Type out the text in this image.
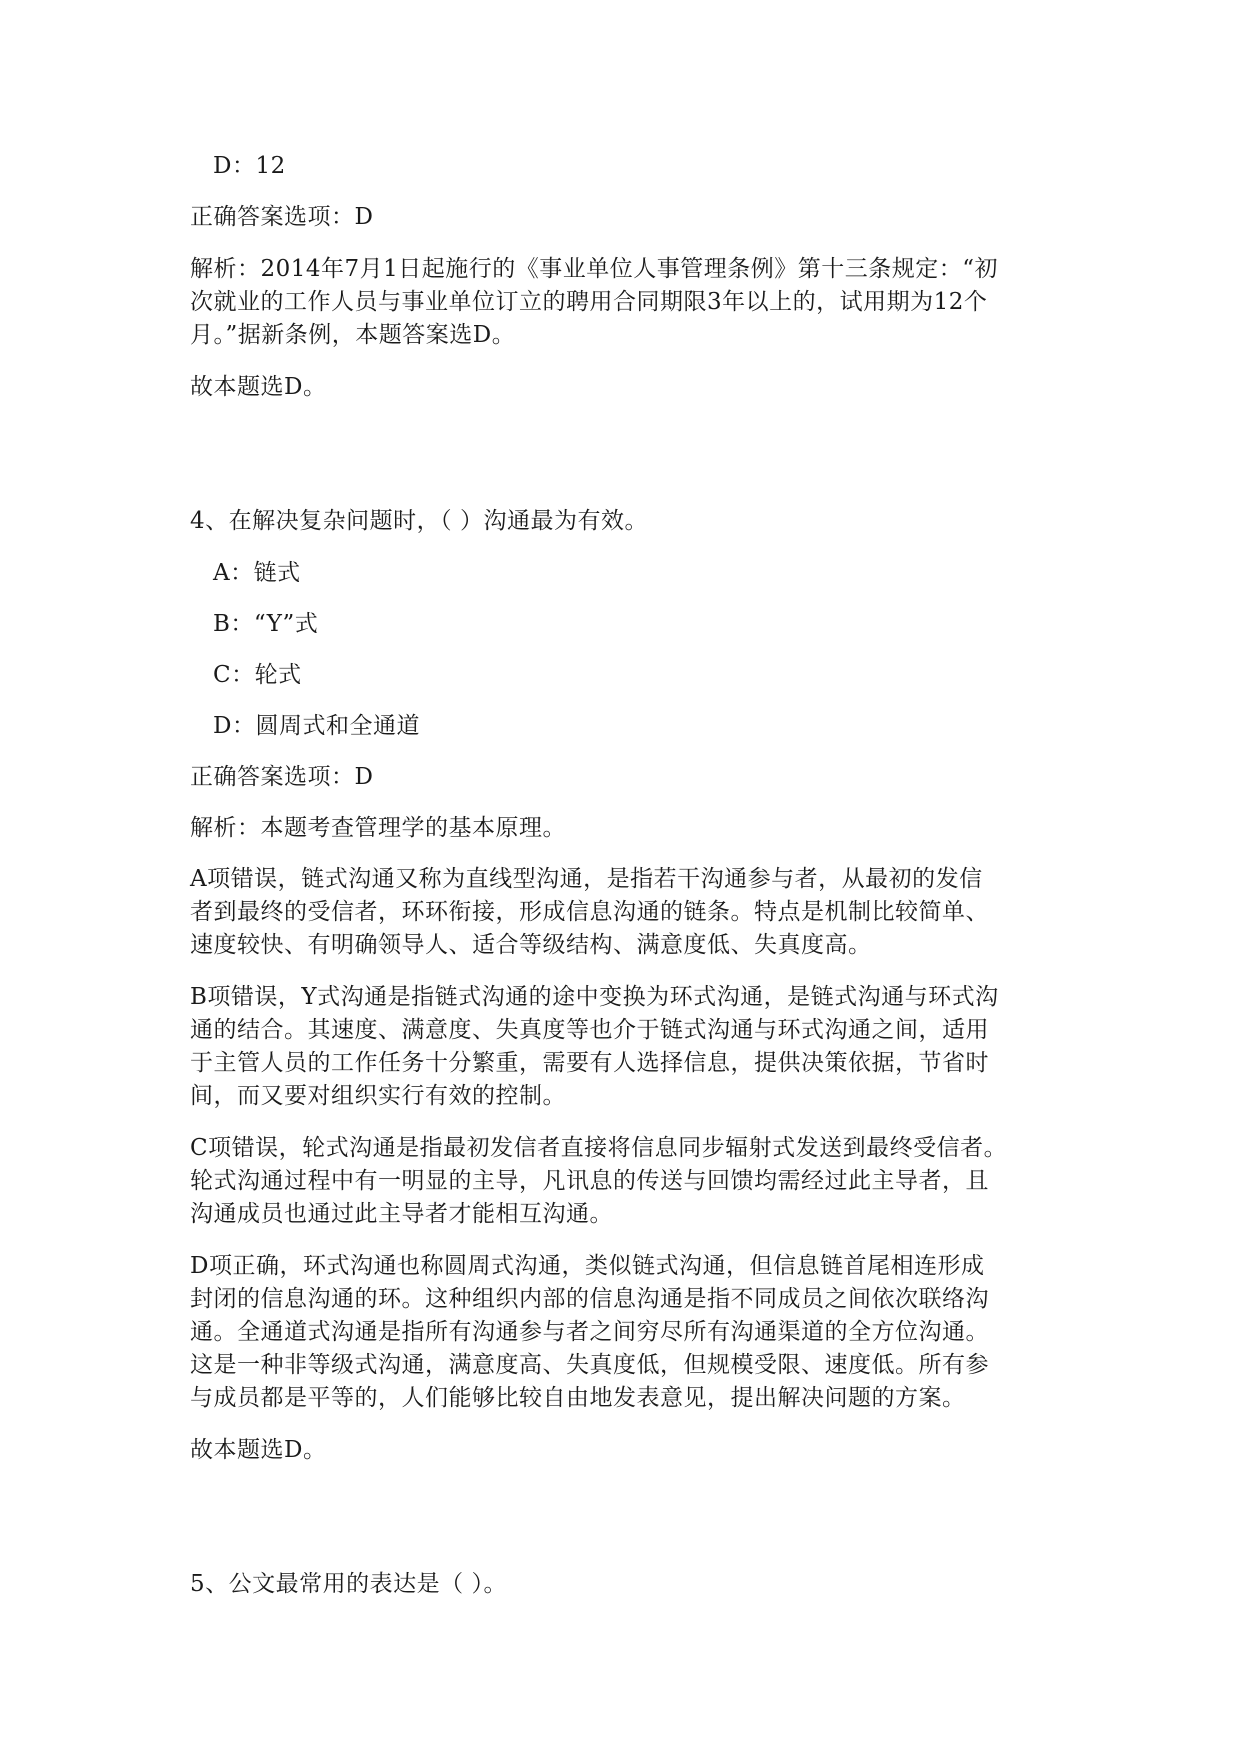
D：12
正确答案选项：D
解析：2014年7月1日起施行的《事业单位人事管理条例》第十三条规定：“初
次就业的工作人员与事业单位订立的聘用合同期限3年以上的，试用期为12个
月。”据新条例，本题答案选D。
故本题选D。
4、在解决复杂问题时，（ ）沟通最为有效。
A：链式
B：“Y”式
C：轮式
D：圆周式和全通道
正确答案选项：D
解析：本题考查管理学的基本原理。
A项错误，链式沟通又称为直线型沟通，是指若干沟通参与者，从最初的发信
者到最终的受信者，环环衔接，形成信息沟通的链条。特点是机制比较简单、
速度较快、有明确领导人、适合等级结构、满意度低、失真度高。
B项错误，Y式沟通是指链式沟通的途中变换为环式沟通，是链式沟通与环式沟
通的结合。其速度、满意度、失真度等也介于链式沟通与环式沟通之间，适用
于主管人员的工作任务十分繁重，需要有人选择信息，提供决策依据，节省时
间，而又要对组织实行有效的控制。
C项错误，轮式沟通是指最初发信者直接将信息同步辐射式发送到最终受信者。
轮式沟通过程中有一明显的主导，凡讯息的传送与回馈均需经过此主导者，且
沟通成员也通过此主导者才能相互沟通。
D项正确，环式沟通也称圆周式沟通，类似链式沟通，但信息链首尾相连形成
封闭的信息沟通的环。这种组织内部的信息沟通是指不同成员之间依次联络沟
通。全通道式沟通是指所有沟通参与者之间穷尽所有沟通渠道的全方位沟通。
这是一种非等级式沟通，满意度高、失真度低，但规模受限、速度低。所有参
与成员都是平等的，人们能够比较自由地发表意见，提出解决问题的方案。
故本题选D。
5、公文最常用的表达是（ ）。
